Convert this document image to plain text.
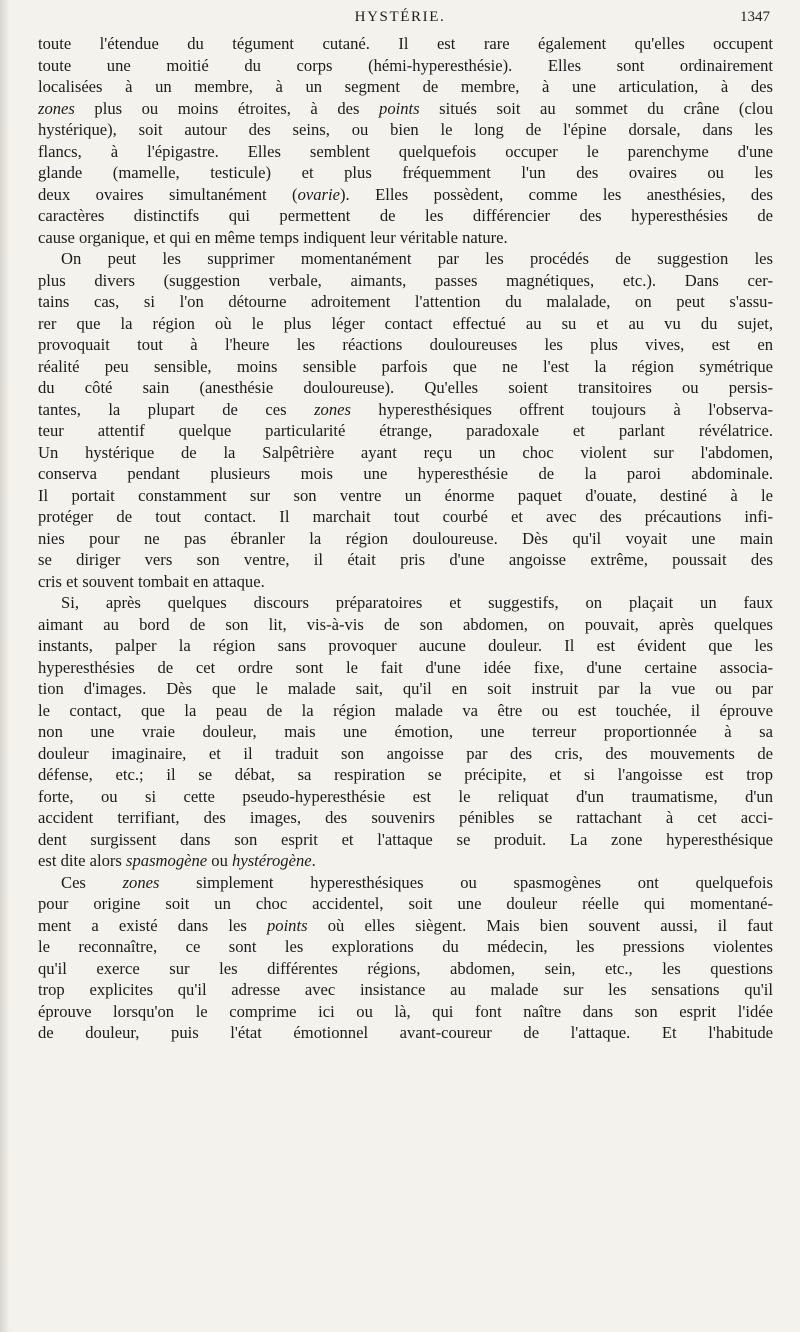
HYSTÉRIE.	1347

toute l'étendue du tégument cutané. Il est rare également qu'elles occupent

toute une moitié du corps (hémi-hyperesthésie). Elles sont ordinairement

localisées à un membre, à un segment de membre, à une articulation, à des

zones plus ou moins étroites, à des points situés soit au sommet du crâne (clou

hystérique), soit autour des seins, ou bien le long de l'épine dorsale, dans les

flancs, à l'épigastre. Elles semblent quelquefois occuper le parenchyme d'une

glande (mamelle, testicule) et plus fréquemment l'un des ovaires ou les

deux ovaires simultanément (ovarie). Elles possèdent, comme les anesthésies, des

caractères distinctifs qui permettent de les différencier des hyperesthésies de

cause organique, et qui en même temps indiquent leur véritable nature.

On peut les supprimer momentanément par les procédés de suggestion les

plus divers (suggestion verbale, aimants, passes magnétiques, etc.). Dans cer-

tains cas, si l'on détourne adroitement l'attention du malalade, on peut s'assu-

rer que la région où le plus léger contact effectué au su et au vu du sujet,

provoquait tout à l'heure les réactions douloureuses les plus vives, est en

réalité peu sensible, moins sensible parfois que ne l'est la région symétrique

du côté sain (anesthésie douloureuse). Qu'elles soient transitoires ou persis-

tantes, la plupart de ces zones hyperesthésiques offrent toujours à l'observa-

teur attentif quelque particularité étrange, paradoxale et parlant révélatrice.

Un hystérique de la Salpêtrière ayant reçu un choc violent sur l'abdomen,

conserva pendant plusieurs mois une hyperesthésie de la paroi abdominale.

Il portait constamment sur son ventre un énorme paquet d'ouate, destiné à le

protéger de tout contact. Il marchait tout courbé et avec des précautions infi-

nies pour ne pas ébranler la région douloureuse. Dès qu'il voyait une main

se diriger vers son ventre, il était pris d'une angoisse extrême, poussait des

cris et souvent tombait en attaque.

Si, après quelques discours préparatoires et suggestifs, on plaçait un faux

aimant au bord de son lit, vis-à-vis de son abdomen, on pouvait, après quelques

instants, palper la région sans provoquer aucune douleur. Il est évident que les

hyperesthésies de cet ordre sont le fait d'une idée fixe, d'une certaine associa-

tion d'images. Dès que le malade sait, qu'il en soit instruit par la vue ou par

le contact, que la peau de la région malade va être ou est touchée, il éprouve

non une vraie douleur, mais une émotion, une terreur proportionnée à sa

douleur imaginaire, et il traduit son angoisse par des cris, des mouvements de

défense, etc.; il se débat, sa respiration se précipite, et si l'angoisse est trop

forte, ou si cette pseudo-hyperesthésie est le reliquat d'un traumatisme, d'un

accident terrifiant, des images, des souvenirs pénibles se rattachant à cet acci-

dent surgissent dans son esprit et l'attaque se produit. La zone hyperesthésique

est dite alors spasmogène ou hystérogène.

Ces zones simplement hyperesthésiques ou spasmogènes ont quelquefois

pour origine soit un choc accidentel, soit une douleur réelle qui momentané-

ment a existé dans les points où elles siègent. Mais bien souvent aussi, il faut

le reconnaître, ce sont les explorations du médecin, les pressions violentes

qu'il exerce sur les différentes régions, abdomen, sein, etc., les questions

trop explicites qu'il adresse avec insistance au malade sur les sensations qu'il

éprouve lorsqu'on le comprime ici ou là, qui font naître dans son esprit l'idée

de douleur, puis l'état émotionnel avant-coureur de l'attaque. Et l'habitude
